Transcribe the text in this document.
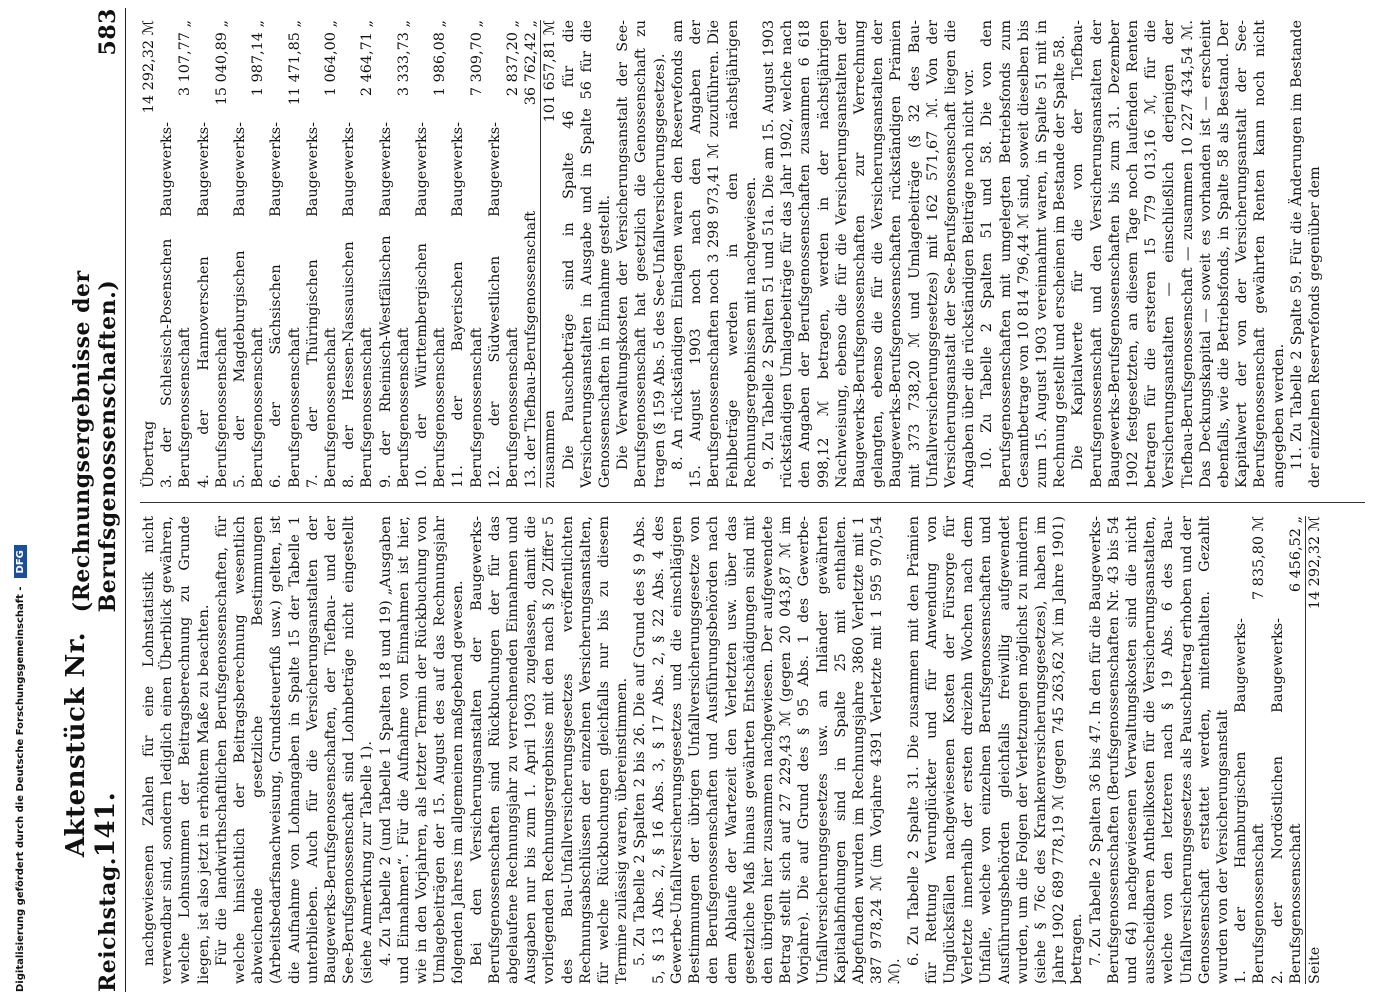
Digitalisierung gefördert durch die Deutsche Forschungsgemeinschaft -
DFG
Reichstag.
Aktenstück Nr. 141.
(Rechnungsergebnisse der Berufsgenossenschaften.)
583

nachgewiesenen Zahlen für eine Lohnstatistik nicht verwendbar sind, sondern lediglich einen Überblick gewähren, welche Lohnsummen der Beitragsberechnung zu Grunde liegen, ist also jetzt in erhöhtem Maße zu beachten. Für die landwirthschaftlichen Berufsgenossenschaften, für welche hinsichtlich der Beitragsberechnung wesentlich abweichende gesetzliche Bestimmungen (Arbeitsbedarfsnachweisung, Grundsteuerfuß usw.) gelten, ist die Aufnahme von Lohnangaben in Spalte 15 der Tabelle 1 unterblieben. Auch für die Versicherungsanstalten der Baugewerks-Berufsgenossenschaften, der Tiefbau- und der See-Berufsgenossenschaft sind Lohnbeträge nicht eingestellt (siehe Anmerkung zur Tabelle 1). 4. Zu Tabelle 2 (und Tabelle 1 Spalten 18 und 19) „Ausgaben und Einnahmen“. Für die Aufnahme von Einnahmen ist hier, wie in den Vorjahren, als letzter Termin der Rückbuchung von Umlagebeiträgen der 15. August des auf das Rechnungsjahr folgenden Jahres im allgemeinen maßgebend gewesen. Bei den Versicherungsanstalten der Baugewerks-Berufsgenossenschaften sind Rückbuchungen der für das abgelaufene Rechnungsjahr zu verrechnenden Einnahmen und Ausgaben nur bis zum 1. April 1903 zugelassen, damit die vorliegenden Rechnungsergebnisse mit den nach § 20 Ziffer 5 des Bau-Unfallversicherungsgesetzes veröffentlichten Rechnungsabschlüssen der einzelnen Versicherungsanstalten, für welche Rückbuchungen gleichfalls nur bis zu diesem Termine zulässig waren, übereinstimmen. 5. Zu Tabelle 2 Spalten 2 bis 26. Die auf Grund des § 9 Abs. 5, § 13 Abs. 2, § 16 Abs. 3, § 17 Abs. 2, § 22 Abs. 4 des Gewerbe-Unfallversicherungsgesetzes und die einschlägigen Bestimmungen der übrigen Unfallversicherungsgesetze von den Berufsgenossenschaften und Ausführungsbehörden nach dem Ablaufe der Wartezeit den Verletzten usw. über das gesetzliche Maß hinaus gewährten Entschädigungen sind mit den übrigen hier zusammen nachgewiesen. Der aufgewendete Betrag stellt sich auf 27 229,43 ℳ (gegen 20 043,87 ℳ im Vorjahre). Die auf Grund des § 95 Abs. 1 des Gewerbe-Unfallversicherungsgesetzes usw. an Inländer gewährten Kapitalabfindungen sind in Spalte 25 mit enthalten. Abgefunden wurden im Rechnungsjahre 3860 Verletzte mit 1 387 978,24 ℳ (im Vorjahre 4391 Verletzte mit 1 595 970,54 ℳ).

6. Zu Tabelle 2 Spalte 31. Die zusammen mit den Prämien für Rettung Verunglückter und für Anwendung von Unglücksfällen nachgewiesenen Kosten der Fürsorge für Verletzte innerhalb der ersten dreizehn Wochen nach dem Unfalle, welche von einzelnen Berufsgenossenschaften und Ausführungsbehörden gleichfalls freiwillig aufgewendet wurden, um die Folgen der Verletzungen möglichst zu mindern (siehe § 76c des Krankenversicherungsgesetzes), haben im Jahre 1902 689 778,19 ℳ (gegen 745 263,62 ℳ im Jahre 1901) betragen. 7. Zu Tabelle 2 Spalten 36 bis 47. In den für die Baugewerks-Berufsgenossenschaften (Berufsgenossenschaften Nr. 43 bis 54 und 64) nachgewiesenen Verwaltungskosten sind die nicht ausscheidbaren Antheilkosten für die Versicherungsanstalten, welche von den letzteren nach § 19 Abs. 6 des Bau-Unfallversicherungsgesetzes als Pauschbetrag erhoben und der Genossenschaft erstattet werden, mitenthalten. Gezahlt wurden von der Versicherungsanstalt 1. der Hamburgischen Baugewerks-Berufsgenossenschaft
7 835,80 ℳ
2. der Nordöstlichen Baugewerks-Berufsgenossenschaft
6 456,52 „
Seite
14 292,32 ℳ
Übertrag
14 292,32 ℳ
3. der Schlesisch-Posenschen Baugewerks-Berufsgenossenschaft
3 107,77 „
4. der Hannoverschen Baugewerks-Berufsgenossenschaft
15 040,89 „
5. der Magdeburgischen Baugewerks-Berufsgenossenschaft
1 987,14 „
6. der Sächsischen Baugewerks-Berufsgenossenschaft
11 471,85 „
7. der Thüringischen Baugewerks-Berufsgenossenschaft
1 064,00 „
8. der Hessen-Nassauischen Baugewerks-Berufsgenossenschaft
2 464,71 „
9. der Rheinisch-Westfälischen Baugewerks-Berufsgenossenschaft
3 333,73 „
10. der Württembergischen Baugewerks-Berufsgenossenschaft
1 986,08 „
11. der Bayerischen Baugewerks-Berufsgenossenschaft
7 309,70 „
12. der Südwestlichen Baugewerks-Berufsgenossenschaft
2 837,20 „
13. der Tiefbau-Berufsgenossenschaft
36 762,42 „
zusammen
101 657,81 ℳ Die Pauschbeträge sind in Spalte 46 für die Versicherungsanstalten in Ausgabe und in Spalte 56 für die Genossenschaften in Einnahme gestellt. Die Verwaltungskosten der Versicherungsanstalt der See-Berufsgenossenschaft hat gesetzlich die Genossenschaft zu tragen (§ 159 Abs. 5 des See-Unfallversicherungsgesetzes). 8. An rückständigen Einlagen waren den Reservefonds am 15. August 1903 noch nach den Angaben der Berufsgenossenschaften noch 3 298 973,41 ℳ zuzuführen. Die Fehlbeträge werden in den nächstjährigen Rechnungsergebnissen mit nachgewiesen. 9. Zu Tabelle 2 Spalten 51 und 51a. Die am 15. August 1903 rückständigen Umlagebeiträge für das Jahr 1902, welche nach den Angaben der Berufsgenossenschaften zusammen 6 618 998,12 ℳ betragen, werden in der nächstjährigen Nachweisung, ebenso die für die Versicherungsanstalten der Baugewerks-Berufsgenossenschaften zur Verrechnung gelangten, ebenso die für die Versicherungsanstalten der Baugewerks-Berufsgenossenschaften rückständigen Prämien mit 373 738,20 ℳ und Umlagebeiträge (§ 32 des Bau-Unfallversicherungsgesetzes) mit 162 571,67 ℳ. Von der Versicherungsanstalt der See-Berufsgenossenschaft liegen die Angaben über die rückständigen Beiträge noch nicht vor. 10. Zu Tabelle 2 Spalten 51 und 58. Die von den Berufsgenossenschaften mit umgelegten Betriebsfonds zum Gesamtbetrage von 10 814 796,44 ℳ sind, soweit dieselben bis zum 15. August 1903 vereinnahmt waren, in Spalte 51 mit in Rechnung gestellt und erscheinen im Bestande der Spalte 58. Die Kapitalwerte für die von der Tiefbau-Berufsgenossenschaft und den Versicherungsanstalten der Baugewerks-Berufsgenossenschaften bis zum 31. Dezember 1902 festgesetzten, an diesem Tage noch laufenden Renten betragen für die ersteren 15 779 013,16 ℳ, für die Versicherungsanstalten — einschließlich derjenigen der Tiefbau-Berufsgenossenschaft — zusammen 10 227 434,54 ℳ. Das Deckungskapital — soweit es vorhanden ist — erscheint ebenfalls, wie die Betriebsfonds, in Spalte 58 als Bestand. Der Kapitalwert der von der Versicherungsanstalt der See-Berufsgenossenschaft gewährten Renten kann noch nicht angegeben werden. 11. Zu Tabelle 2 Spalte 59. Für die Änderungen im Bestande der einzelnen Reservefonds gegenüber dem
